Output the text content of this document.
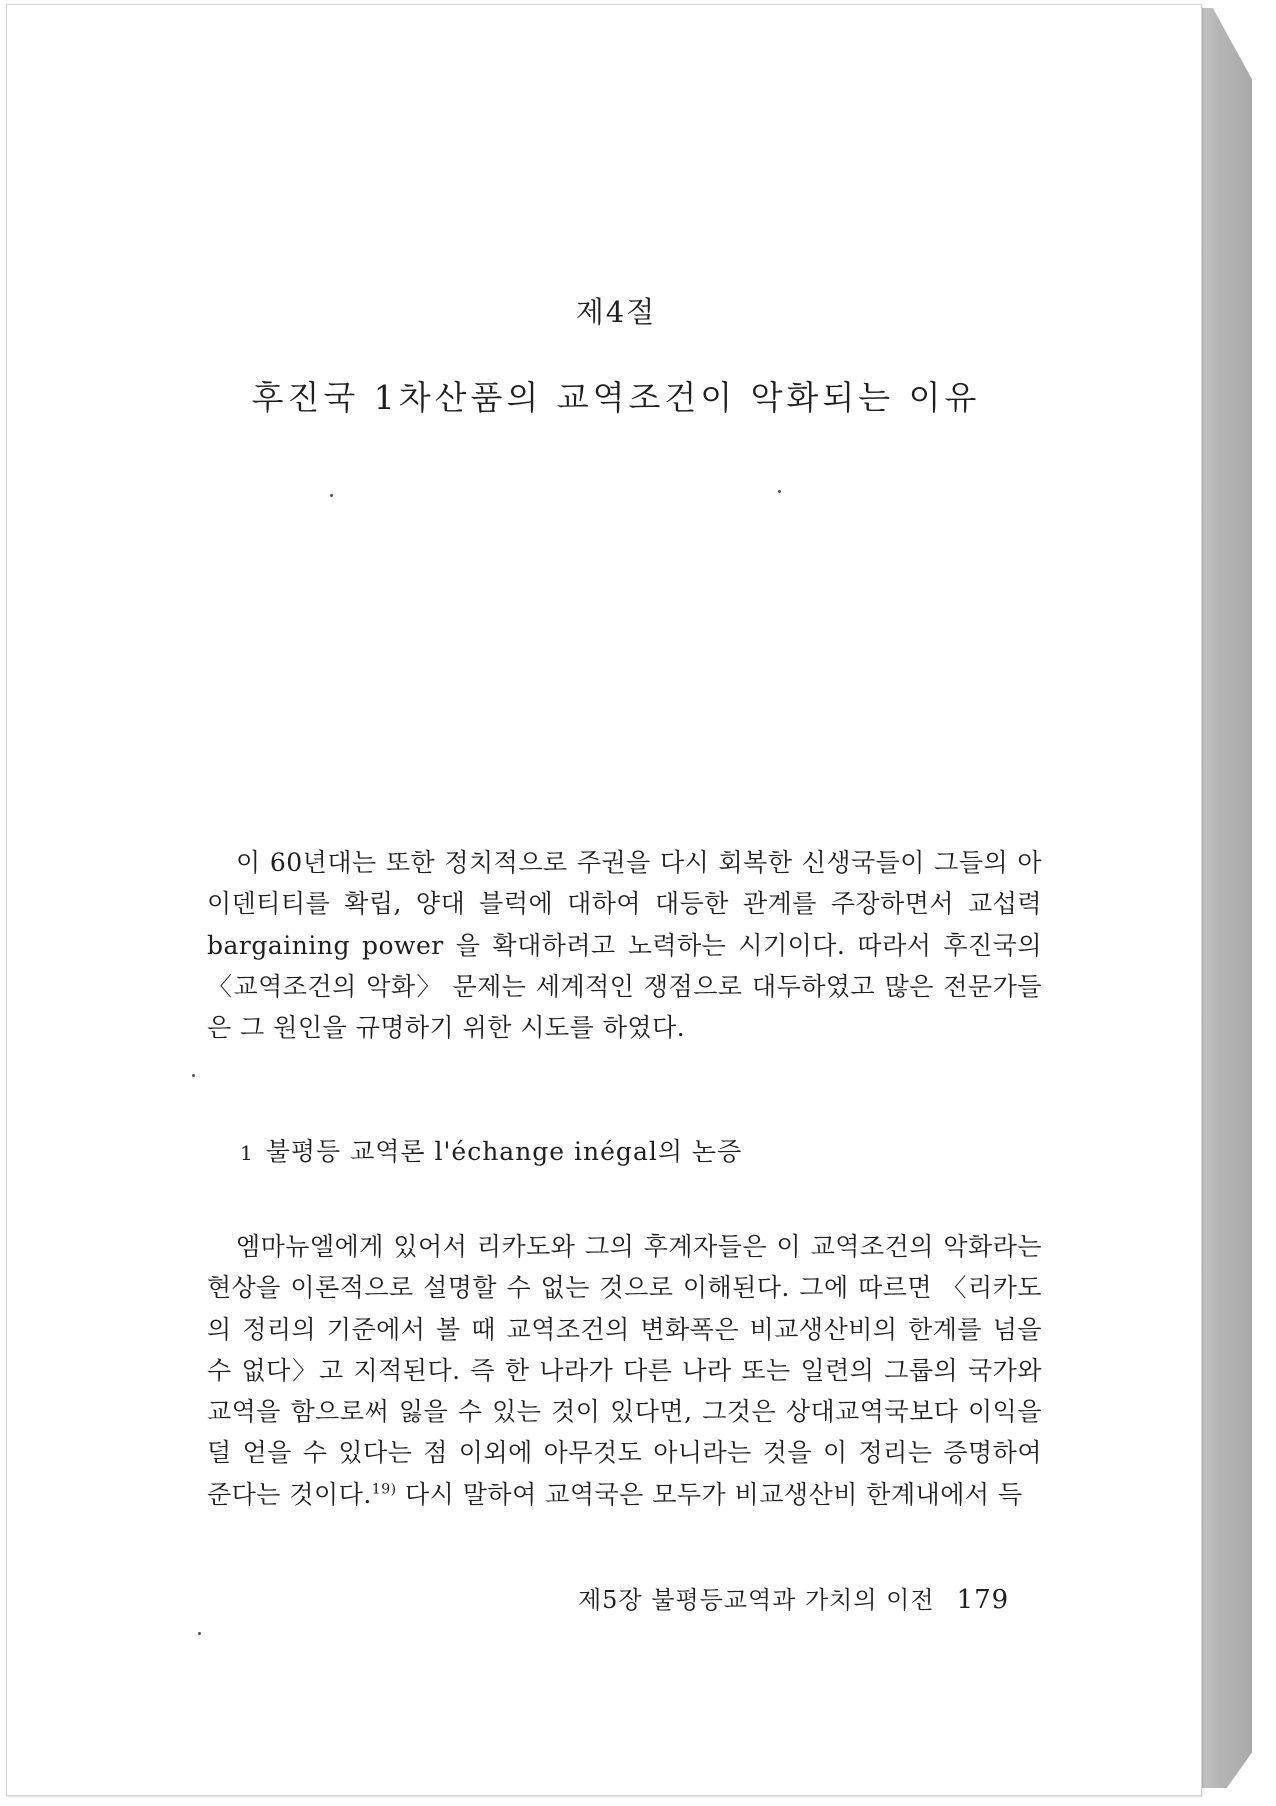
제4절
후진국 1차산품의 교역조건이 악화되는 이유

이 60년대는 또한 정치적으로 주권을 다시 회복한 신생국들이 그들의 아이덴티티를 확립, 양대 블럭에 대하여 대등한 관계를 주장하면서 교섭력 bargaining power 을 확대하려고 노력하는 시기이다. 따라서 후진국의 〈교역조건의 악화〉 문제는 세계적인 쟁점으로 대두하였고 많은 전문가들은 그 원인을 규명하기 위한 시도를 하였다.

1 불평등 교역론 l'échange inégal의 논증

엠마뉴엘에게 있어서 리카도와 그의 후계자들은 이 교역조건의 악화라는 현상을 이론적으로 설명할 수 없는 것으로 이해된다. 그에 따르면 〈리카도의 정리의 기준에서 볼 때 교역조건의 변화폭은 비교생산비의 한계를 넘을 수 없다〉고 지적된다. 즉 한 나라가 다른 나라 또는 일련의 그룹의 국가와 교역을 함으로써 잃을 수 있는 것이 있다면, 그것은 상대교역국보다 이익을 덜 얻을 수 있다는 점 이외에 아무것도 아니라는 것을 이 정리는 증명하여 준다는 것이다.$^{19)}$ 다시 말하여 교역국은 모두가 비교생산비 한계내에서 득

제5장 불평등교역과 가치의 이전 179
